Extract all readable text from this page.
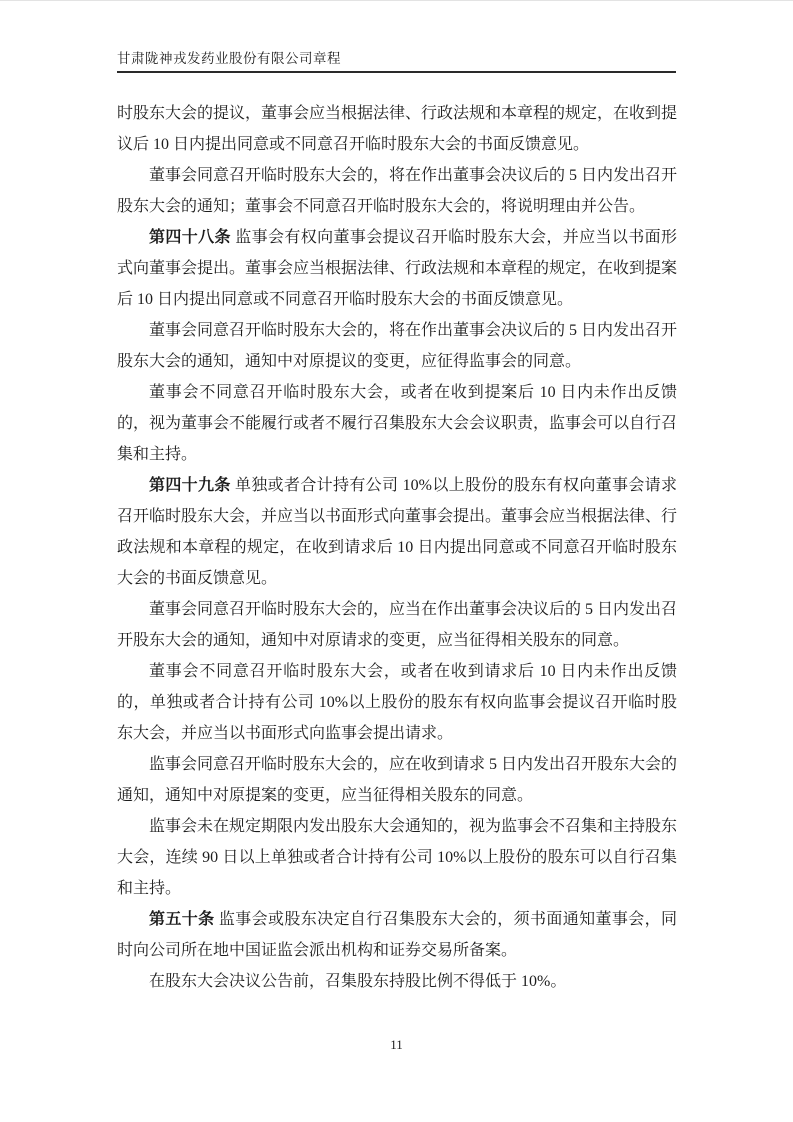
甘肃陇神戎发药业股份有限公司章程

时股东大会的提议，董事会应当根据法律、行政法规和本章程的规定，在收到提议后 10 日内提出同意或不同意召开临时股东大会的书面反馈意见。

董事会同意召开临时股东大会的，将在作出董事会决议后的 5 日内发出召开股东大会的通知；董事会不同意召开临时股东大会的，将说明理由并公告。

第四十八条 监事会有权向董事会提议召开临时股东大会，并应当以书面形式向董事会提出。董事会应当根据法律、行政法规和本章程的规定，在收到提案后 10 日内提出同意或不同意召开临时股东大会的书面反馈意见。

董事会同意召开临时股东大会的，将在作出董事会决议后的 5 日内发出召开股东大会的通知，通知中对原提议的变更，应征得监事会的同意。

董事会不同意召开临时股东大会，或者在收到提案后 10 日内未作出反馈的，视为董事会不能履行或者不履行召集股东大会会议职责，监事会可以自行召集和主持。

第四十九条 单独或者合计持有公司 10%以上股份的股东有权向董事会请求召开临时股东大会，并应当以书面形式向董事会提出。董事会应当根据法律、行政法规和本章程的规定，在收到请求后 10 日内提出同意或不同意召开临时股东大会的书面反馈意见。

董事会同意召开临时股东大会的，应当在作出董事会决议后的 5 日内发出召开股东大会的通知，通知中对原请求的变更，应当征得相关股东的同意。

董事会不同意召开临时股东大会，或者在收到请求后 10 日内未作出反馈的，单独或者合计持有公司 10%以上股份的股东有权向监事会提议召开临时股东大会，并应当以书面形式向监事会提出请求。

监事会同意召开临时股东大会的，应在收到请求 5 日内发出召开股东大会的通知，通知中对原提案的变更，应当征得相关股东的同意。

监事会未在规定期限内发出股东大会通知的，视为监事会不召集和主持股东大会，连续 90 日以上单独或者合计持有公司 10%以上股份的股东可以自行召集和主持。

第五十条 监事会或股东决定自行召集股东大会的，须书面通知董事会，同时向公司所在地中国证监会派出机构和证券交易所备案。

在股东大会决议公告前，召集股东持股比例不得低于 10%。

11
